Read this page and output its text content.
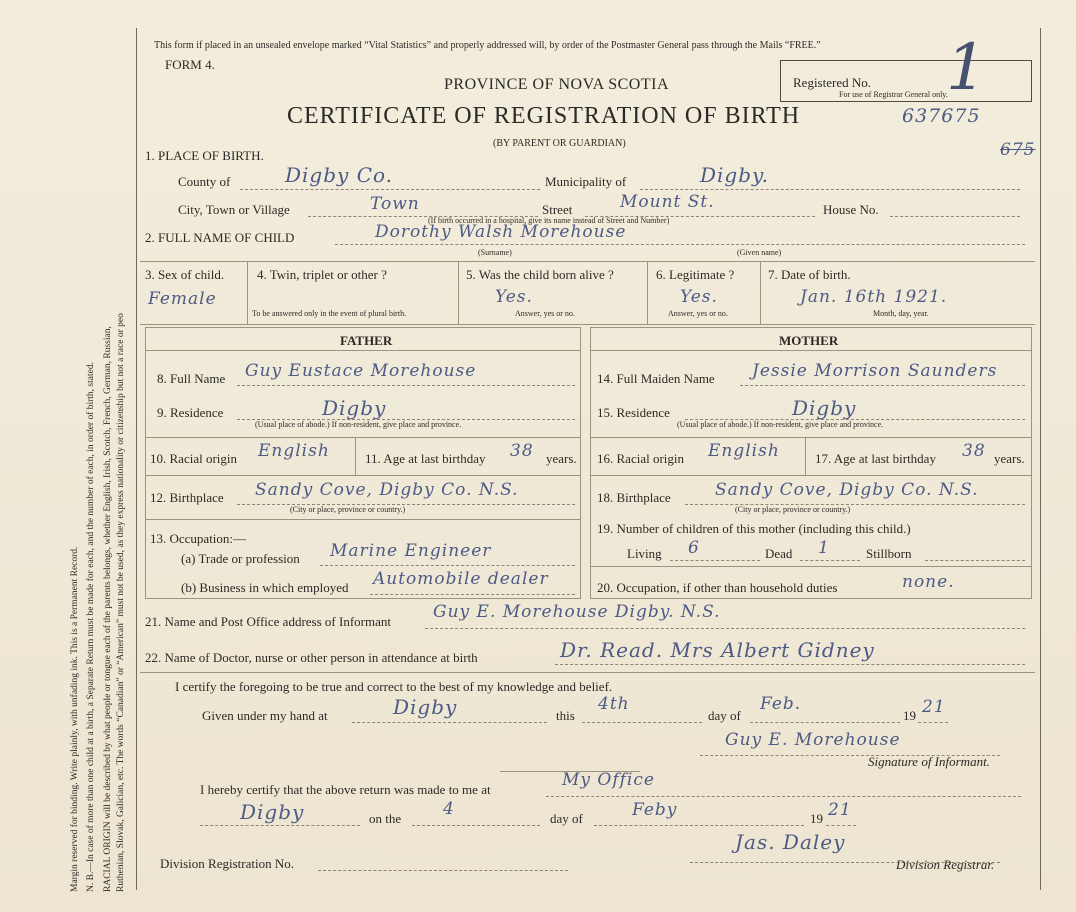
Margin reserved for binding. Write plainly, with unfading ink. This is a Permanent Record. N. B.—In case of more than one child at a birth, a Separate Return must be made for each, and the number of each, in order of birth, stated. RACIAL ORIGIN will be described by what people or tongue each of the parents belongs, whether English, Irish, Scotch, French, German, Russian, Ruthenian, Slovak, Galician, etc. The words “Canadian” or “American” must not be used, as they express nationality or citizenship but not a race or peo
This form if placed in an unsealed envelope marked “Vital Statistics” and properly addressed will, by order of the Postmaster General pass through the Mails “FREE.”
FORM 4.
Registered No.
For use of Registrar General only.
1
PROVINCE OF NOVA SCOTIA
CERTIFICATE OF REGISTRATION OF BIRTH	637675
(BY PARENT OR GUARDIAN)	675
1. PLACE OF BIRTH.
County of	Digby Co.	Municipality of	Digby.
City, Town or Village	Town	Street	Mount St.	House No.
(If birth occurred in a hospital, give its name instead of Street and Number)
2. FULL NAME OF CHILD	Dorothy Walsh Morehouse
(Surname)	(Given name)
3. Sex of child.
Female
4. Twin, triplet or other ?
To be answered only in the event of plural birth.
5. Was the child born alive ?
Yes.
Answer, yes or no.
6. Legitimate ?
Yes.
Answer, yes or no.
7. Date of birth.
Jan. 16th 1921.
Month, day, year.
FATHER	MOTHER
8. Full Name Guy Eustace Morehouse
9. Residence	Digby
(Usual place of abode.) If non-resident, give place and province.
10. Racial origin English	11. Age at last birthday 38 years.
12. Birthplace Sandy Cove, Digby Co. N.S.
(City or place, province or country.)
13. Occupation:—
(a) Trade or profession Marine Engineer
(b) Business in which employed Automobile dealer
14. Full Maiden Name Jessie Morrison Saunders
15. Residence	Digby
(Usual place of abode.) If non-resident, give place and province.
16. Racial origin English	17. Age at last birthday 38 years.
18. Birthplace	Sandy Cove, Digby Co. N.S.
(City or place, province or country.)
19. Number of children of this mother (including this child.)
Living 6	Dead 1	Stillborn
20. Occupation, if other than household duties	none.
21. Name and Post Office address of Informant Guy E. Morehouse Digby. N.S.
22. Name of Doctor, nurse or other person in attendance at birth	Dr. Read. Mrs Albert Gidney
I certify the foregoing to be true and correct to the best of my knowledge and belief.
Given under my hand at	Digby	this
4th
day of
Feb.
19 21
Guy E. Morehouse
Signature of Informant.
I hereby certify that the above return was made to me at	My Office
Digby	on the 4	day of	Feby	19 21
Division Registration No.
Jas. Daley
Division Registrar.
